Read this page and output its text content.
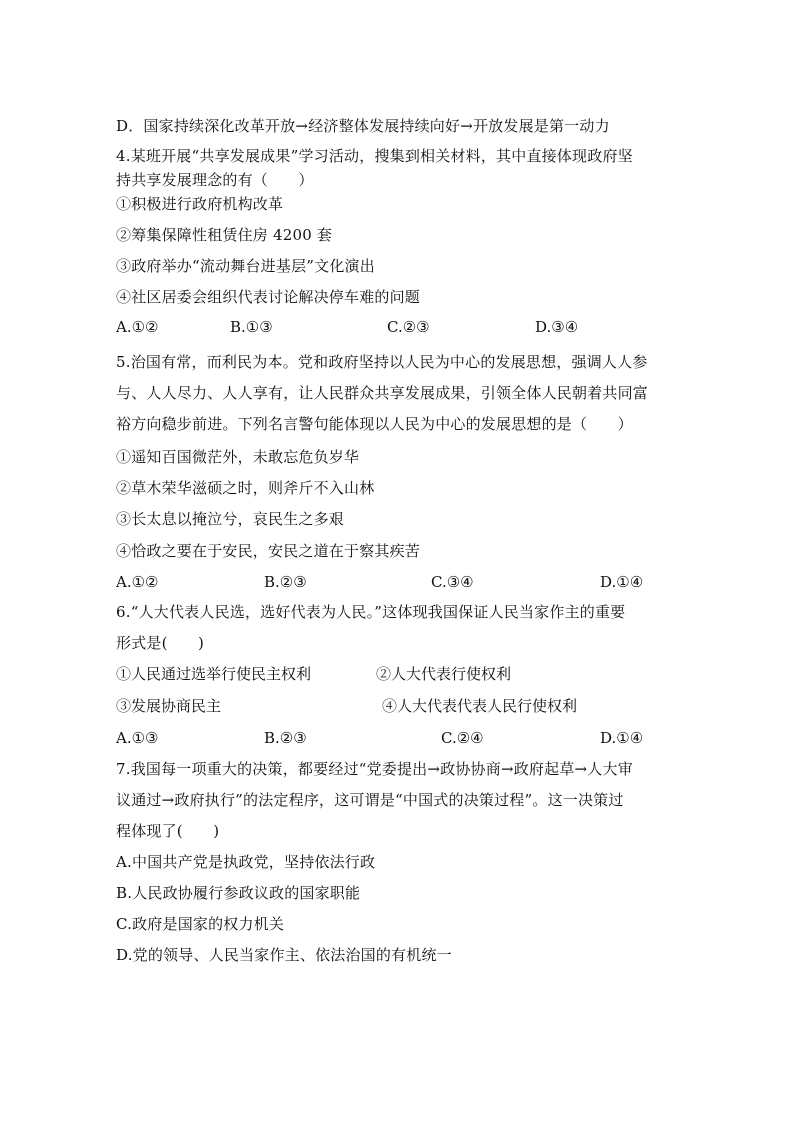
D．国家持续深化改革开放→经济整体发展持续向好→开放发展是第一动力
4.某班开展“共享发展成果”学习活动，搜集到相关材料，其中直接体现政府坚
持共享发展理念的有（　　）
①积极进行政府机构改革
②筹集保障性租赁住房 4200 套
③政府举办“流动舞台进基层”文化演出
④社区居委会组织代表讨论解决停车难的问题
A.①②	B.①③	C.②③	D.③④
5.治国有常，而利民为本。党和政府坚持以人民为中心的发展思想，强调人人参
与、人人尽力、人人享有，让人民群众共享发展成果，引领全体人民朝着共同富
裕方向稳步前进。下列名言警句能体现以人民为中心的发展思想的是（　　）
①遥知百国微茫外，未敢忘危负岁华
②草木荣华滋硕之时，则斧斤不入山林
③长太息以掩泣兮，哀民生之多艰
④恰政之要在于安民，安民之道在于察其疾苦
A.①②	B.②③	C.③④	D.①④
6.“人大代表人民选，选好代表为人民。”这体现我国保证人民当家作主的重要
形式是(　　)
①人民通过选举行使民主权利	②人大代表行使权利
③发展协商民主	④人大代表代表人民行使权利
A.①③	B.②③	C.②④	D.①④
7.我国每一项重大的决策，都要经过“党委提出→政协协商→政府起草→人大审
议通过→政府执行”的法定程序，这可谓是“中国式的决策过程”。这一决策过
程体现了(　　)
A.中国共产党是执政党，坚持依法行政
B.人民政协履行参政议政的国家职能
C.政府是国家的权力机关
D.党的领导、人民当家作主、依法治国的有机统一
